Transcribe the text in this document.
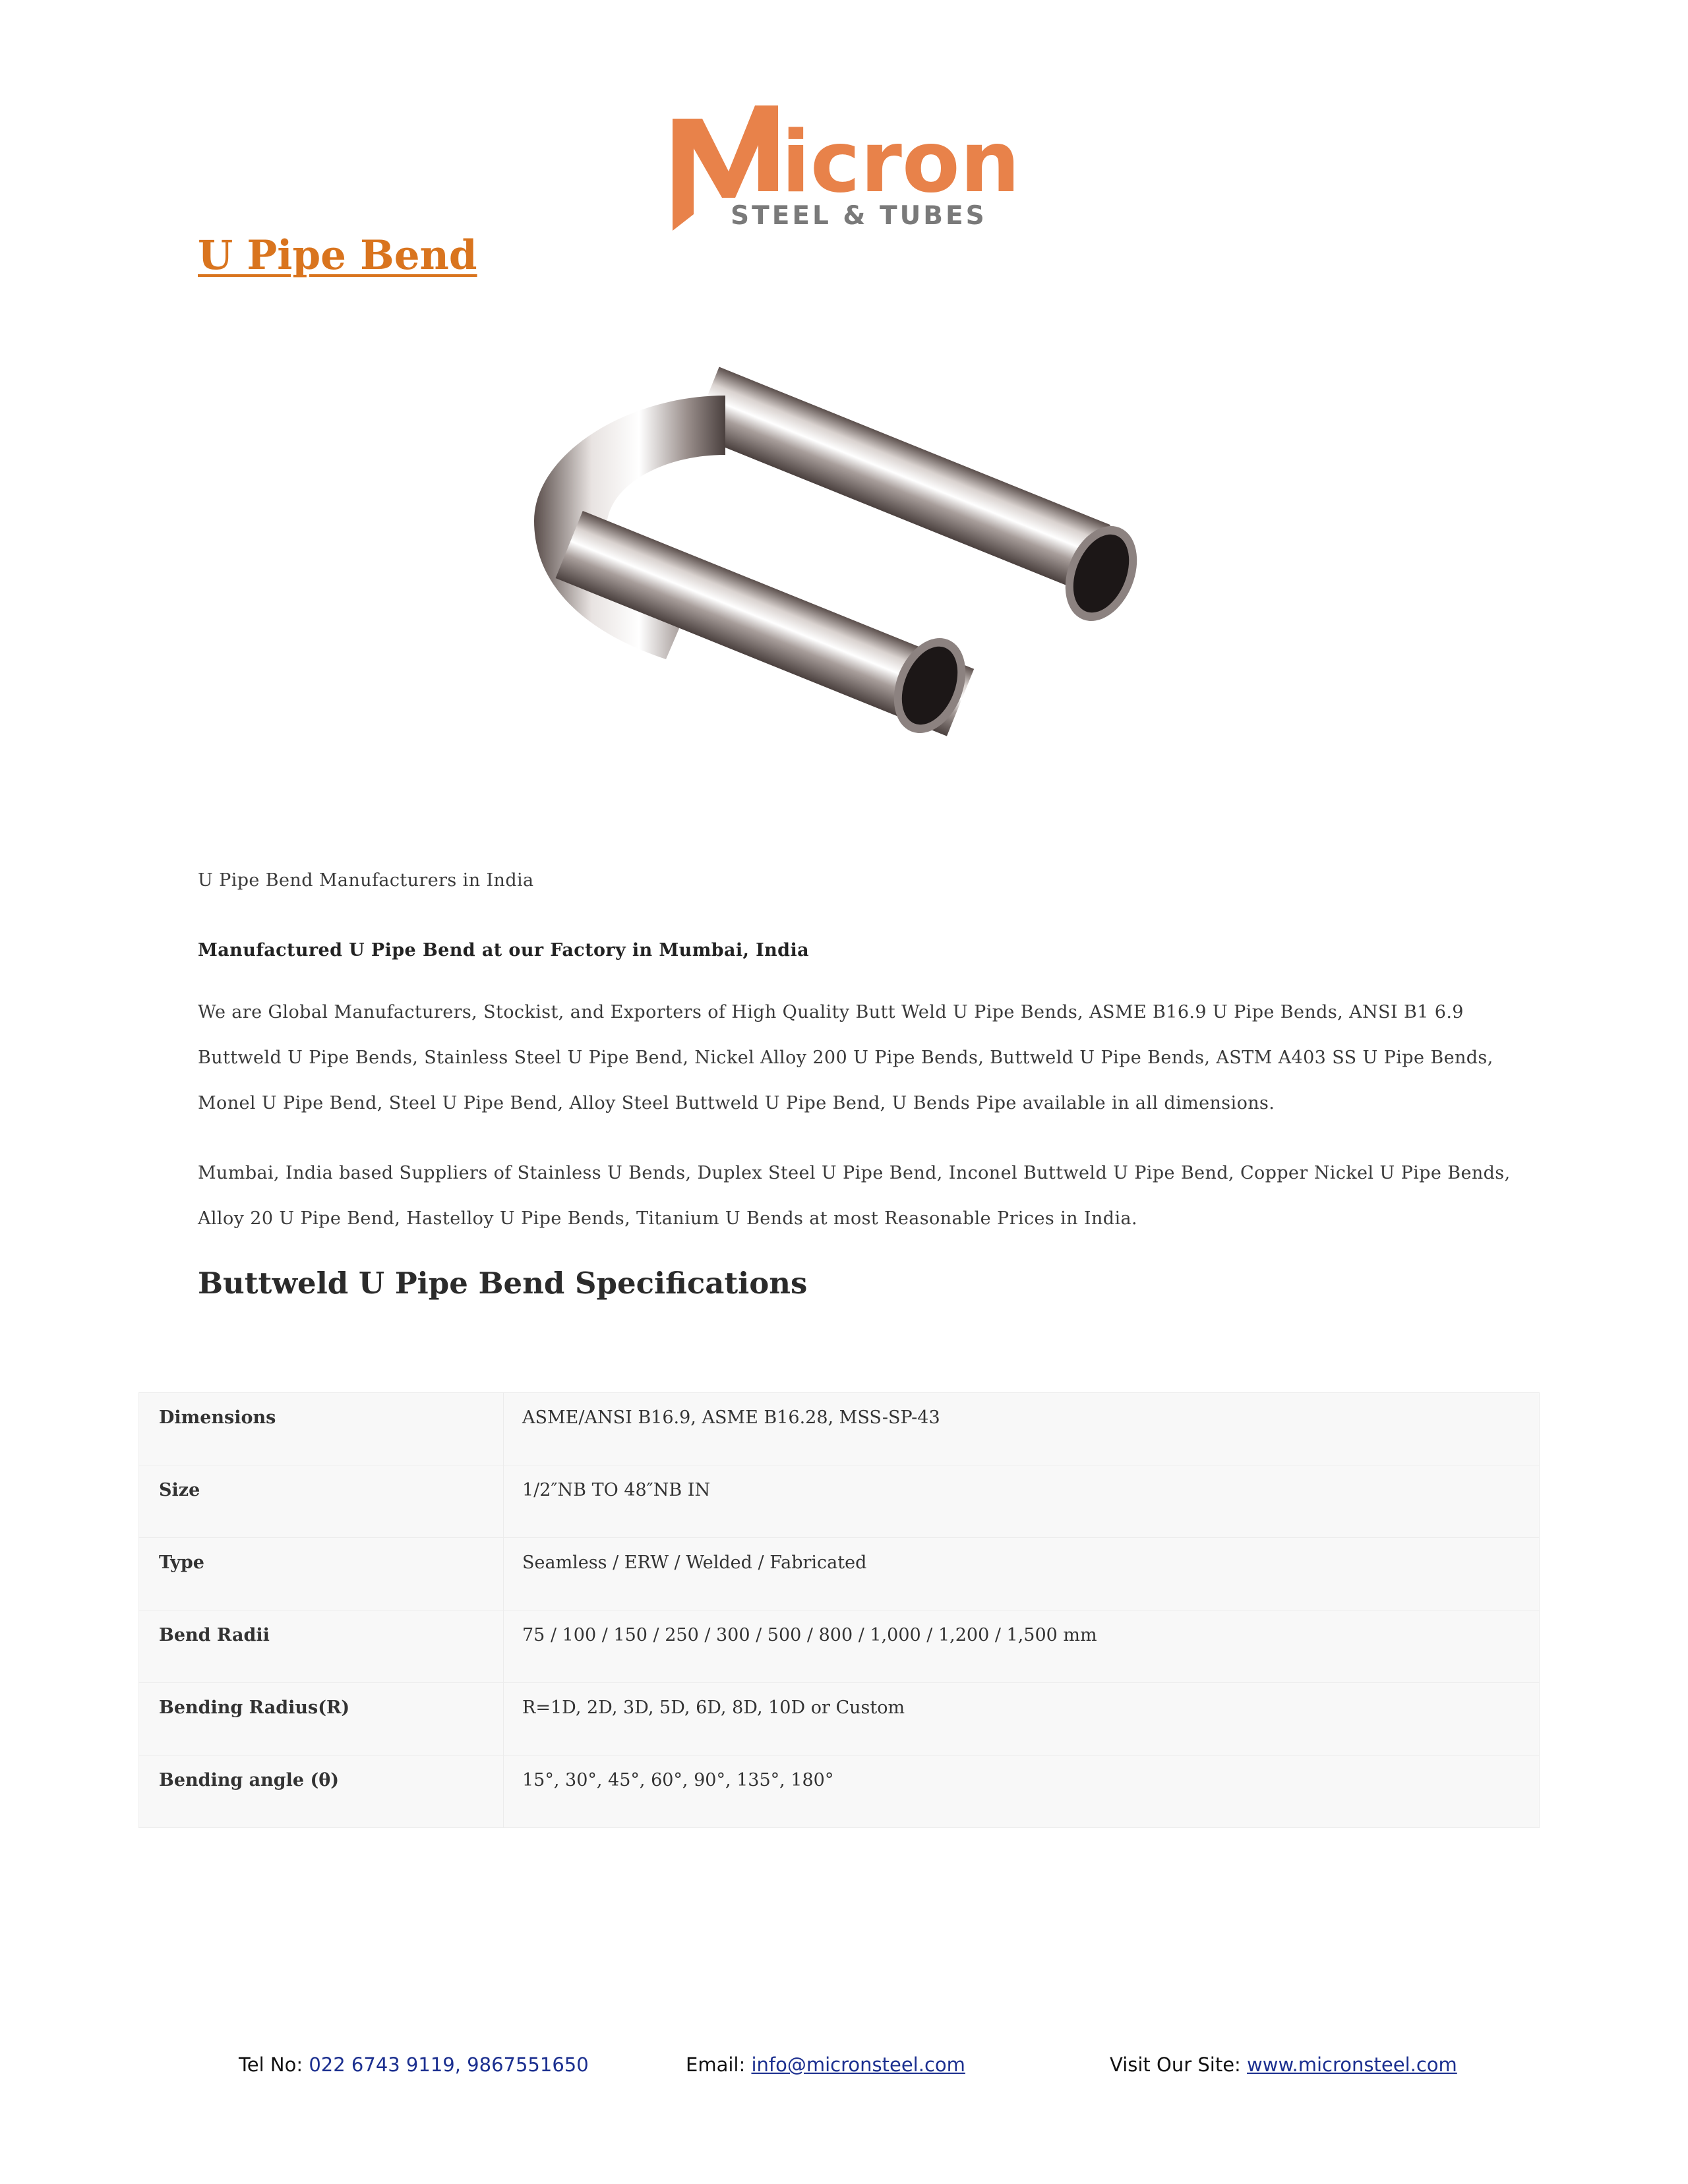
icron
STEEL & TUBES
U Pipe Bend
U Pipe Bend Manufacturers in India
Manufactured U Pipe Bend at our Factory in Mumbai, India
We are Global Manufacturers, Stockist, and Exporters of High Quality Butt Weld U Pipe Bends, ASME B16.9 U Pipe Bends, ANSI B1 6.9
Buttweld U Pipe Bends, Stainless Steel U Pipe Bend, Nickel Alloy 200 U Pipe Bends, Buttweld U Pipe Bends, ASTM A403 SS U Pipe Bends,
Monel U Pipe Bend, Steel U Pipe Bend, Alloy Steel Buttweld U Pipe Bend, U Bends Pipe available in all dimensions.
Mumbai, India based Suppliers of Stainless U Bends, Duplex Steel U Pipe Bend, Inconel Buttweld U Pipe Bend, Copper Nickel U Pipe Bends,
Alloy 20 U Pipe Bend, Hastelloy U Pipe Bends, Titanium U Bends at most Reasonable Prices in India.
Buttweld U Pipe Bend Specifications
Dimensions	ASME/ANSI B16.9, ASME B16.28, MSS-SP-43
Size	1/2″NB TO 48″NB IN
Type	Seamless / ERW / Welded / Fabricated
Bend Radii	75 / 100 / 150 / 250 / 300 / 500 / 800 / 1,000 / 1,200 / 1,500 mm
Bending Radius(R)	R=1D, 2D, 3D, 5D, 6D, 8D, 10D or Custom
Bending angle (θ)	15°, 30°, 45°, 60°, 90°, 135°, 180°
Tel No: 022 6743 9119, 9867551650	Email: info@micronsteel.com	Visit Our Site: www.micronsteel.com
